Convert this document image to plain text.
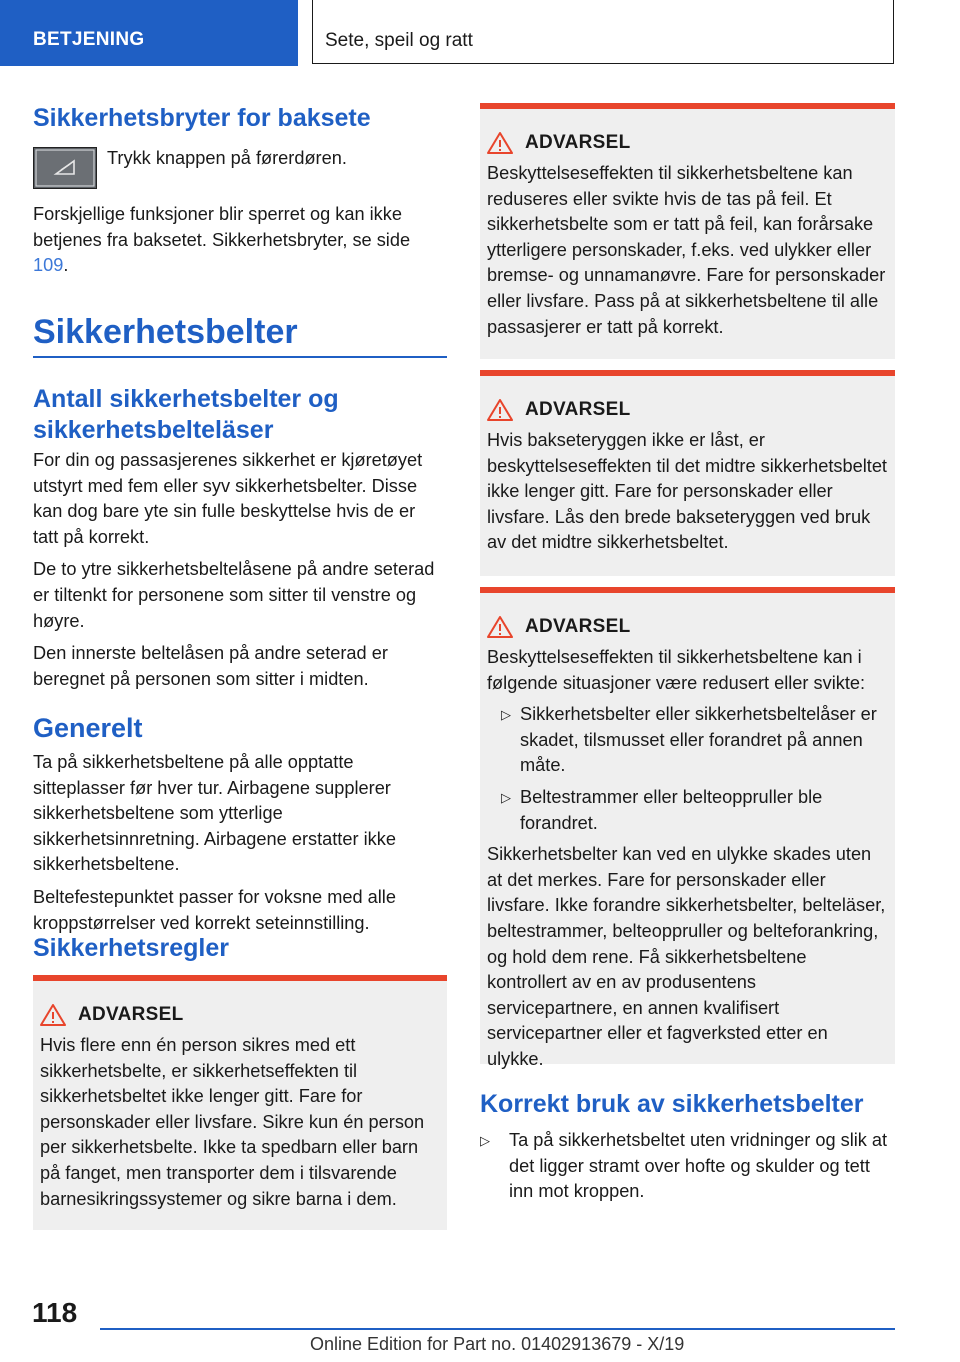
BETJENING	Sete, speil og ratt
Sikkerhetsbryter for baksete

Trykk knappen på førerdøren.

Forskjellige funksjoner blir sperret og kan ikke betjenes fra baksetet. Sikkerhetsbryter, se side 109.

Sikkerhetsbelter
Antall sikkerhetsbelter og sikkerhetsbelteläser

For din og passasjerenes sikkerhet er kjøretøyet utstyrt med fem eller syv sikkerhetsbelter. Disse kan dog bare yte sin fulle beskyttelse hvis de er tatt på korrekt.

De to ytre sikkerhetsbeltelåsene på andre seterad er tiltenkt for personene som sitter til venstre og høyre.

Den innerste beltelåsen på andre seterad er beregnet på personen som sitter i midten.

Generelt

Ta på sikkerhetsbeltene på alle opptatte sitteplasser før hver tur. Airbagene supplerer sikkerhetsbeltene som ytterlige sikkerhetsinnretning. Airbagene erstatter ikke sikkerhetsbeltene.

Beltefestepunktet passer for voksne med alle kroppstørrelser ved korrekt seteinnstilling.

Sikkerhetsregler
ADVARSEL

Hvis flere enn én person sikres med ett sikkerhetsbelte, er sikkerhetseffekten til sikkerhetsbeltet ikke lenger gitt. Fare for personskader eller livsfare. Sikre kun én person per sikkerhetsbelte. Ikke ta spedbarn eller barn på fanget, men transporter dem i tilsvarende barnesikringssystemer og sikre barna i dem.

ADVARSEL

Beskyttelseseffekten til sikkerhetsbeltene kan reduseres eller svikte hvis de tas på feil. Et sikkerhetsbelte som er tatt på feil, kan forårsake ytterligere personskader, f.eks. ved ulykker eller bremse- og unnamanøvre. Fare for personskader eller livsfare. Pass på at sikkerhetsbeltene til alle passasjerer er tatt på korrekt.

ADVARSEL

Hvis bakseteryggen ikke er låst, er beskyttelseseffekten til det midtre sikkerhetsbeltet ikke lenger gitt. Fare for personskader eller livsfare. Lås den brede bakseteryggen ved bruk av det midtre sikkerhetsbeltet.

ADVARSEL

Beskyttelseseffekten til sikkerhetsbeltene kan i følgende situasjoner være redusert eller svikte:

▷ Sikkerhetsbelter eller sikkerhetsbeltelåser er skadet, tilsmusset eller forandret på annen måte.

▷ Beltestrammer eller belteoppruller ble forandret.

Sikkerhetsbelter kan ved en ulykke skades uten at det merkes. Fare for personskader eller livsfare. Ikke forandre sikkerhetsbelter, belteläser, beltestrammer, belteoppruller og belteforankring, og hold dem rene. Få sikkerhetsbeltene kontrollert av en av produsentens servicepartnere, en annen kvalifisert servicepartner eller et fagverksted etter en ulykke.

Korrekt bruk av sikkerhetsbelter
▷	Ta på sikkerhetsbeltet uten vridninger og slik at det ligger stramt over hofte og skulder og tett inn mot kroppen.

118
Online Edition for Part no. 01402913679 - X/19
